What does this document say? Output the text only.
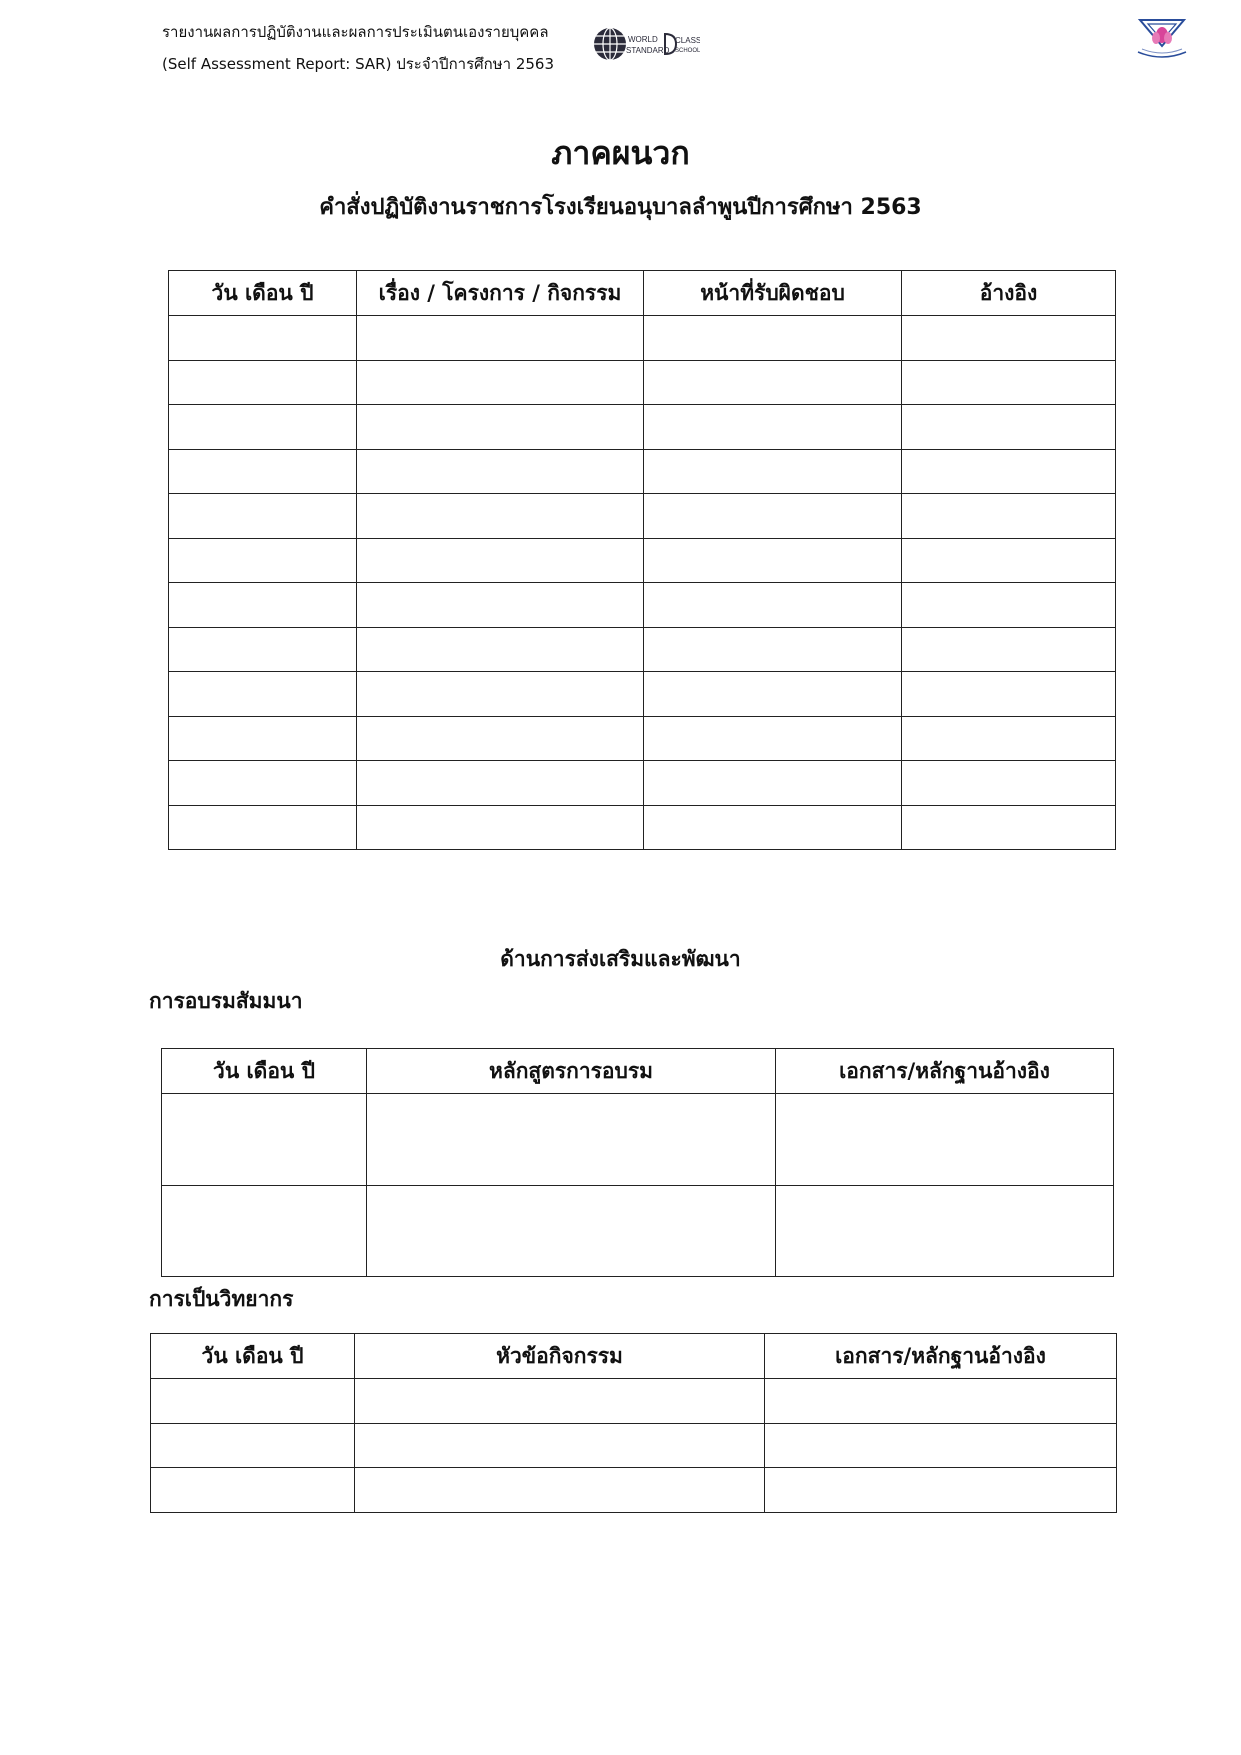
รายงานผลการปฏิบัติงานและผลการประเมินตนเองรายบุคคล
(Self Assessment Report: SAR) ประจำปีการศึกษา 2563
WORLD
STANDARD
CLASS
SCHOOL
ภาคผนวก
คำสั่งปฏิบัติงานราชการโรงเรียนอนุบาลลำพูนปีการศึกษา 2563
วัน เดือน ปี	เรื่อง / โครงการ / กิจกรรม	หน้าที่รับผิดชอบ	อ้างอิง

ด้านการส่งเสริมและพัฒนา
การอบรมสัมมนา
วัน เดือน ปี	หลักสูตรการอบรม	เอกสาร/หลักฐานอ้างอิง

การเป็นวิทยากร
วัน เดือน ปี	หัวข้อกิจกรรม	เอกสาร/หลักฐานอ้างอิง
